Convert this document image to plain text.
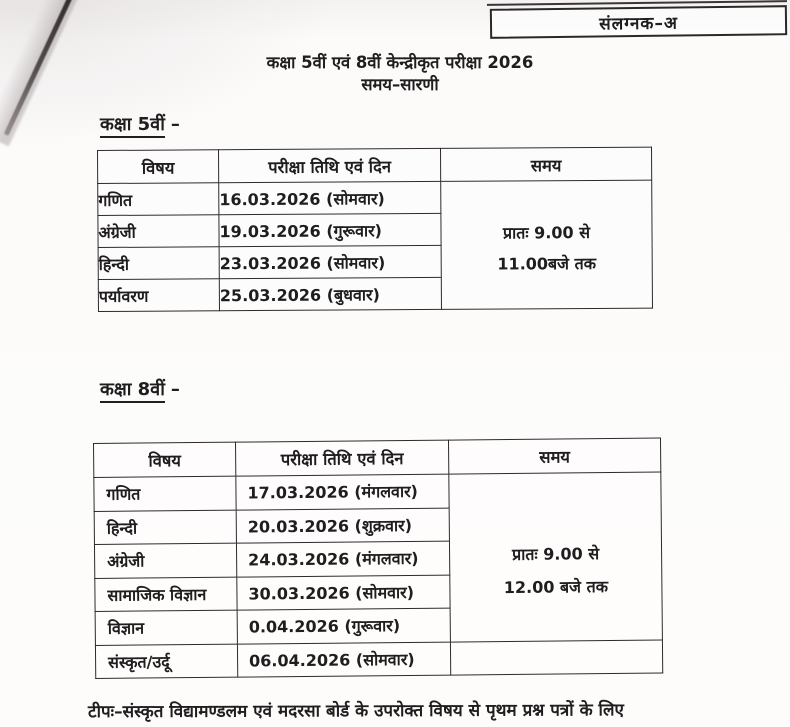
संलग्नक–अ
कक्षा 5वीं एवं 8वीं केन्द्रीकृत परीक्षा 2026
समय–सारणी
कक्षा 5वीं –
विषय	परीक्षा तिथि एवं दिन	समय
गणित	16.03.2026 (सोमवार)	प्रातः 9.00 से
11.00बजे तक

अंग्रेजी	19.03.2026 (गुरूवार)	
हिन्दी	23.03.2026 (सोमवार)	
पर्यावरण	25.03.2026 (बुधवार)	
कक्षा 8वीं –
विषय	परीक्षा तिथि एवं दिन	समय
गणित	17.03.2026 (मंगलवार)	प्रातः 9.00 से
12.00 बजे तक

हिन्दी	20.03.2026 (शुक्रवार)	
अंग्रेजी	24.03.2026 (मंगलवार)	
सामाजिक विज्ञान	30.03.2026 (सोमवार)	
विज्ञान	0.04.2026 (गुरूवार)	
संस्कृत/उर्दू	06.04.2026 (सोमवार)	
टीपः–संस्कृत विद्यामण्डलम एवं मदरसा बोर्ड के उपरोक्त विषय से पृथम प्रश्न पत्रों के लिए
